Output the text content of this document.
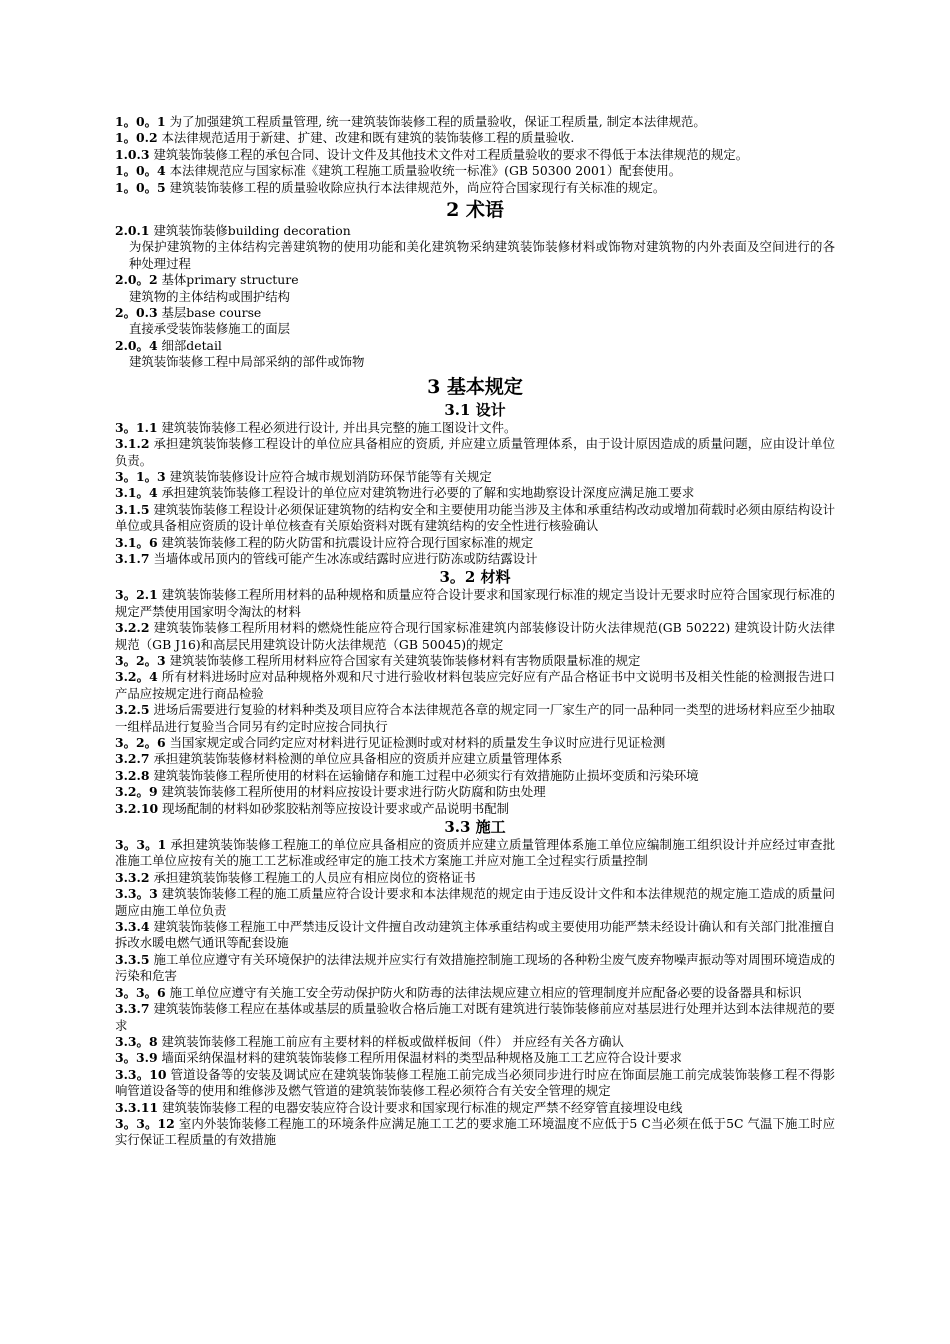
1。0。1 为了加强建筑工程质量管理, 统一建筑装饰装修工程的质量验收，保证工程质量, 制定本法律规范。

1。0.2 本法律规范适用于新建、扩建、改建和既有建筑的装饰装修工程的质量验收.

1.0.3 建筑装饰装修工程的承包合同、设计文件及其他技术文件对工程质量验收的要求不得低于本法律规范的规定。

1。0。4 本法律规范应与国家标准《建筑工程施工质量验收统一标准》(GB 50300 2001）配套使用。

1。0。5 建筑装饰装修工程的质量验收除应执行本法律规范外，尚应符合国家现行有关标准的规定。

2 术语

2.0.1 建筑装饰装修building decoration

为保护建筑物的主体结构完善建筑物的使用功能和美化建筑物采纳建筑装饰装修材料或饰物对建筑物的内外表面及空间进行的各种处理过程

2.0。2 基体primary structure

建筑物的主体结构或围护结构

2。0.3 基层base course

直接承受装饰装修施工的面层

2.0。4 细部detail

建筑装饰装修工程中局部采纳的部件或饰物

3 基本规定
3.1 设计

3。1.1 建筑装饰装修工程必须进行设计, 并出具完整的施工图设计文件。

3.1.2 承担建筑装饰装修工程设计的单位应具备相应的资质, 并应建立质量管理体系，由于设计原因造成的质量问题，应由设计单位负责。

3。1。3 建筑装饰装修设计应符合城市规划消防环保节能等有关规定

3.1。4 承担建筑装饰装修工程设计的单位应对建筑物进行必要的了解和实地勘察设计深度应满足施工要求

3.1.5 建筑装饰装修工程设计必须保证建筑物的结构安全和主要使用功能当涉及主体和承重结构改动或增加荷载时必须由原结构设计单位或具备相应资质的设计单位核查有关原始资料对既有建筑结构的安全性进行核验确认

3.1。6 建筑装饰装修工程的防火防雷和抗震设计应符合现行国家标准的规定

3.1.7 当墙体或吊顶内的管线可能产生冰冻或结露时应进行防冻或防结露设计

3。2 材料

3。2.1 建筑装饰装修工程所用材料的品种规格和质量应符合设计要求和国家现行标准的规定当设计无要求时应符合国家现行标准的规定严禁使用国家明令淘汰的材料

3.2.2 建筑装饰装修工程所用材料的燃烧性能应符合现行国家标准建筑内部装修设计防火法律规范(GB 50222) 建筑设计防火法律规范（GB J16)和高层民用建筑设计防火法律规范（GB 50045)的规定

3。2。3 建筑装饰装修工程所用材料应符合国家有关建筑装饰装修材料有害物质限量标准的规定

3.2。4 所有材料进场时应对品种规格外观和尺寸进行验收材料包装应完好应有产品合格证书中文说明书及相关性能的检测报告进口产品应按规定进行商品检验

3.2.5 进场后需要进行复验的材料种类及项目应符合本法律规范各章的规定同一厂家生产的同一品种同一类型的进场材料应至少抽取一组样品进行复验当合同另有约定时应按合同执行

3。2。6 当国家规定或合同约定应对材料进行见证检测时或对材料的质量发生争议时应进行见证检测

3.2.7 承担建筑装饰装修材料检测的单位应具备相应的资质并应建立质量管理体系

3.2.8 建筑装饰装修工程所使用的材料在运输储存和施工过程中必须实行有效措施防止损坏变质和污染环境

3.2。9 建筑装饰装修工程所使用的材料应按设计要求进行防火防腐和防虫处理

3.2.10 现场配制的材料如砂浆胶粘剂等应按设计要求或产品说明书配制

3.3 施工

3。3。1 承担建筑装饰装修工程施工的单位应具备相应的资质并应建立质量管理体系施工单位应编制施工组织设计并应经过审查批准施工单位应按有关的施工工艺标准或经审定的施工技术方案施工并应对施工全过程实行质量控制

3.3.2 承担建筑装饰装修工程施工的人员应有相应岗位的资格证书

3.3。3 建筑装饰装修工程的施工质量应符合设计要求和本法律规范的规定由于违反设计文件和本法律规范的规定施工造成的质量问题应由施工单位负责

3.3.4 建筑装饰装修工程施工中严禁违反设计文件擅自改动建筑主体承重结构或主要使用功能严禁未经设计确认和有关部门批准擅自拆改水暖电燃气通讯等配套设施

3.3.5 施工单位应遵守有关环境保护的法律法规并应实行有效措施控制施工现场的各种粉尘废气废弃物噪声振动等对周围环境造成的污染和危害

3。3。6 施工单位应遵守有关施工安全劳动保护防火和防毒的法律法规应建立相应的管理制度并应配备必要的设备器具和标识

3.3.7 建筑装饰装修工程应在基体或基层的质量验收合格后施工对既有建筑进行装饰装修前应对基层进行处理并达到本法律规范的要求

3.3。8 建筑装饰装修工程施工前应有主要材料的样板或做样板间（件） 并应经有关各方确认

3。3.9 墙面采纳保温材料的建筑装饰装修工程所用保温材料的类型品种规格及施工工艺应符合设计要求

3.3。10 管道设备等的安装及调试应在建筑装饰装修工程施工前完成当必须同步进行时应在饰面层施工前完成装饰装修工程不得影响管道设备等的使用和维修涉及燃气管道的建筑装饰装修工程必须符合有关安全管理的规定

3.3.11 建筑装饰装修工程的电器安装应符合设计要求和国家现行标准的规定严禁不经穿管直接埋设电线

3。3。12 室内外装饰装修工程施工的环境条件应满足施工工艺的要求施工环境温度不应低于5 C当必须在低于5C 气温下施工时应实行保证工程质量的有效措施
